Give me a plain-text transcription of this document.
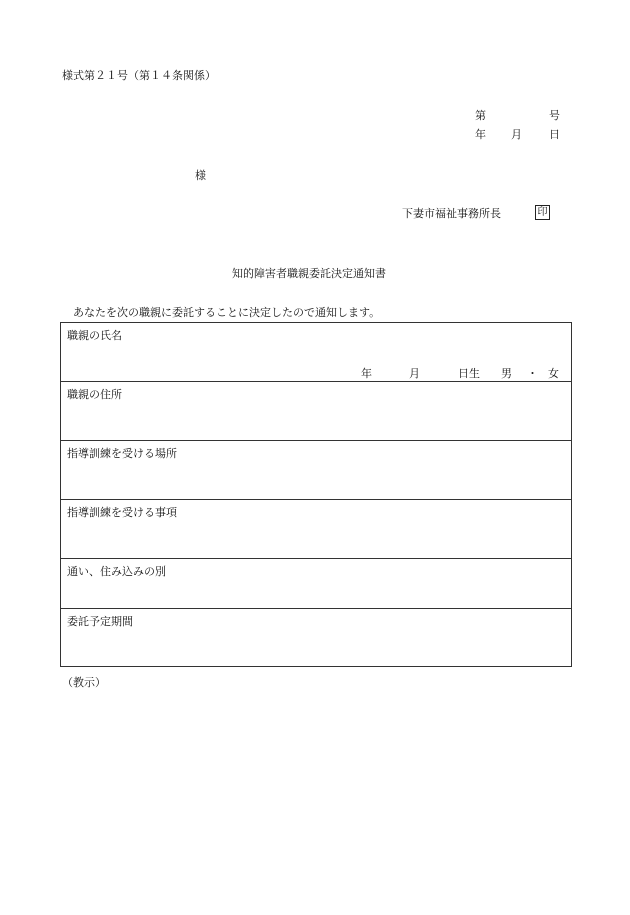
様式第２１号（第１４条関係）
第	号
年 月 日
様
下妻市福祉事務所長	印
知的障害者職親委託決定通知書
あなたを次の職親に委託することに決定したので通知します。
職親の氏名
年	月	日生 男 ・ 女

職親の住所

指導訓練を受ける場所

指導訓練を受ける事項

通い、住み込みの別

委託予定期間
（教示）
